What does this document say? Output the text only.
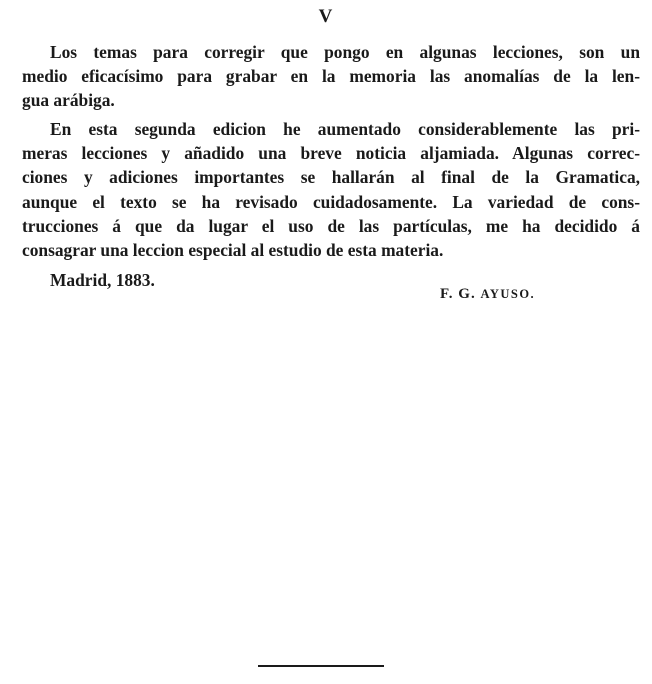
V

Los temas para corregir que pongo en algunas lecciones, son un
medio eficacísimo para grabar en la memoria las anomalías de la len-
gua arábiga.

En esta segunda edicion he aumentado considerablemente las pri-
meras lecciones y añadido una breve noticia aljamiada. Algunas correc-
ciones y adiciones importantes se hallarán al final de la Gramatica,
aunque el texto se ha revisado cuidadosamente. La variedad de cons-
trucciones á que da lugar el uso de las partículas, me ha decidido á
consagrar una leccion especial al estudio de esta materia.

Madrid, 1883.

F. G. AYUSO.
